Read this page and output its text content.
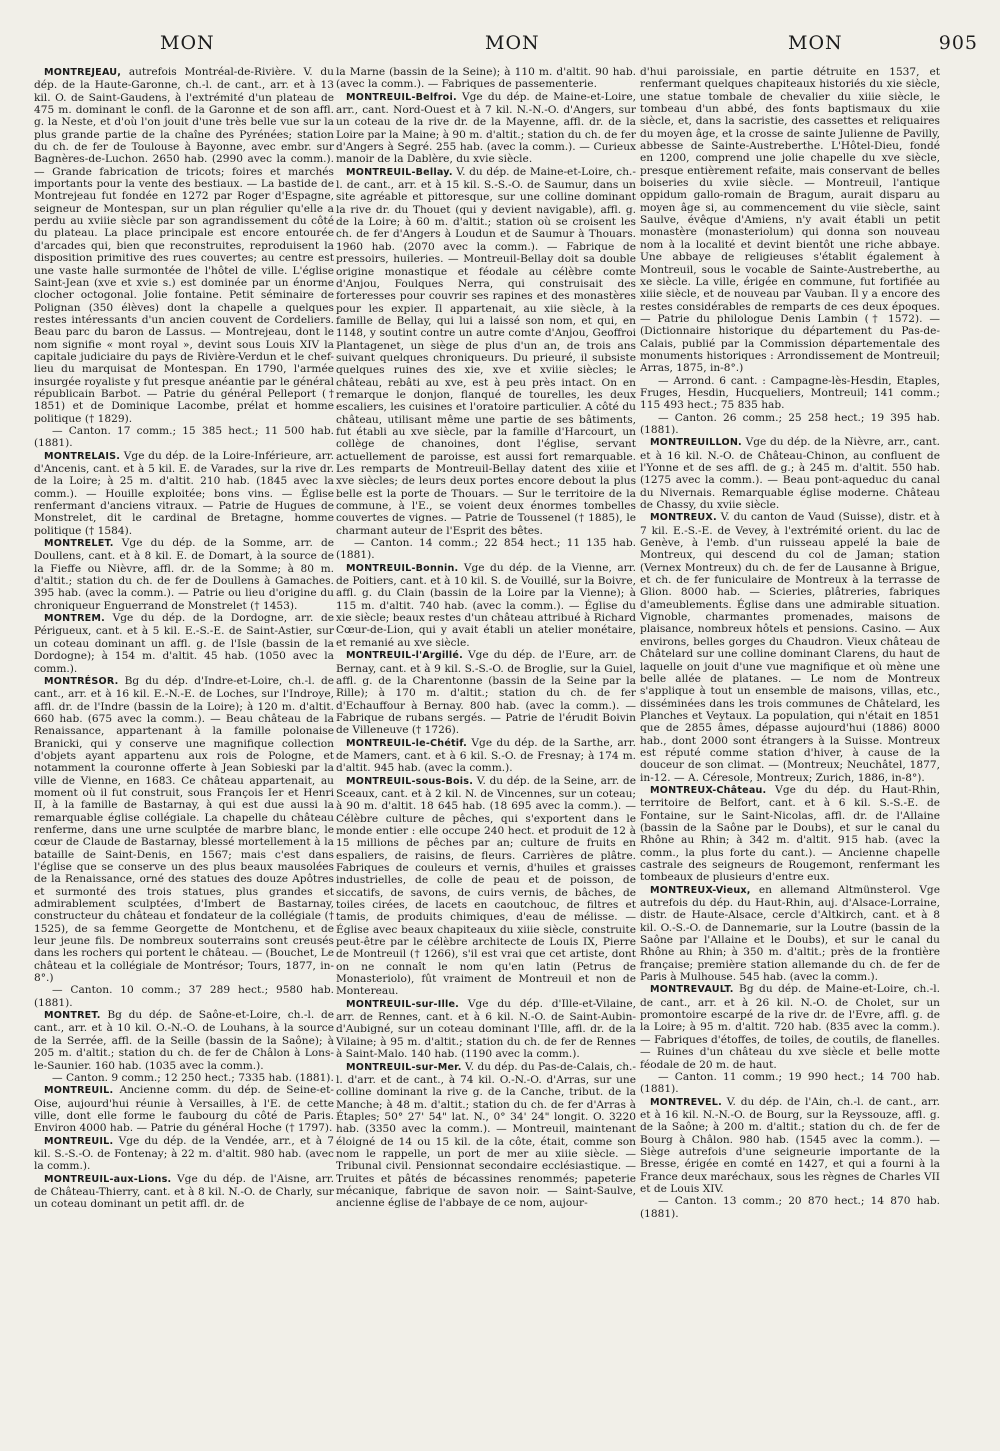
MON	MON	MON	905

MONTREJEAU, autrefois Montréal-de-Rivière. V. du dép. de la Haute-Garonne, ch.-l. de cant., arr. et à 13 kil. O. de Saint-Gaudens, à l'extrémité d'un plateau de 475 m. dominant le confl. de la Garonne et de son affl. g. la Neste, et d'où l'on jouit d'une très belle vue sur la plus grande partie de la chaîne des Pyrénées; station du ch. de fer de Toulouse à Bayonne, avec embr. sur Bagnères-de-Luchon. 2650 hab. (2990 avec la comm.). — Grande fabrication de tricots; foires et marchés importants pour la vente des bestiaux. — La bastide de Montrejeau fut fondée en 1272 par Roger d'Espagne, seigneur de Montespan, sur un plan régulier qu'elle a perdu au xviiie siècle par son agrandissement du côté du plateau. La place principale est encore entourée d'arcades qui, bien que reconstruites, reproduisent la disposition primitive des rues couvertes; au centre est une vaste halle surmontée de l'hôtel de ville. L'église Saint-Jean (xve et xvie s.) est dominée par un énorme clocher octogonal. Jolie fontaine. Petit séminaire de Polignan (350 élèves) dont la chapelle a quelques restes intéressants d'un ancien couvent de Cordeliers. Beau parc du baron de Lassus. — Montrejeau, dont le nom signifie « mont royal », devint sous Louis XIV la capitale judiciaire du pays de Rivière-Verdun et le chef-lieu du marquisat de Montespan. En 1790, l'armée insurgée royaliste y fut presque anéantie par le général républicain Barbot. — Patrie du général Pelleport († 1851) et de Dominique Lacombe, prélat et homme politique († 1829).

— Canton. 17 comm.; 15 385 hect.; 11 500 hab. (1881).

MONTRELAIS. Vge du dép. de la Loire-Inférieure, arr. d'Ancenis, cant. et à 5 kil. E. de Varades, sur la rive dr. de la Loire; à 25 m. d'altit. 210 hab. (1845 avec la comm.). — Houille exploitée; bons vins. — Église renfermant d'anciens vitraux. — Patrie de Hugues de Monstrelet, dit le cardinal de Bretagne, homme politique († 1584).

MONTRELET. Vge du dép. de la Somme, arr. de Doullens, cant. et à 8 kil. E. de Domart, à la source de la Fieffe ou Nièvre, affl. dr. de la Somme; à 80 m. d'altit.; station du ch. de fer de Doullens à Gamaches. 395 hab. (avec la comm.). — Patrie ou lieu d'origine du chroniqueur Enguerrand de Monstrelet († 1453).

MONTREM. Vge du dép. de la Dordogne, arr. de Périgueux, cant. et à 5 kil. E.-S.-E. de Saint-Astier, sur un coteau dominant un affl. g. de l'Isle (bassin de la Dordogne); à 154 m. d'altit. 45 hab. (1050 avec la comm.).

MONTRÉSOR. Bg du dép. d'Indre-et-Loire, ch.-l. de cant., arr. et à 16 kil. E.-N.-E. de Loches, sur l'Indroye, affl. dr. de l'Indre (bassin de la Loire); à 120 m. d'altit. 660 hab. (675 avec la comm.). — Beau château de la Renaissance, appartenant à la famille polonaise Branicki, qui y conserve une magnifique collection d'objets ayant appartenu aux rois de Pologne, et notamment la couronne offerte à Jean Sobieski par la ville de Vienne, en 1683. Ce château appartenait, au moment où il fut construit, sous François Ier et Henri II, à la famille de Bastarnay, à qui est due aussi la remarquable église collégiale. La chapelle du château renferme, dans une urne sculptée de marbre blanc, le cœur de Claude de Bastarnay, blessé mortellement à la bataille de Saint-Denis, en 1567; mais c'est dans l'église que se conserve un des plus beaux mausolées de la Renaissance, orné des statues des douze Apôtres et surmonté des trois statues, plus grandes et admirablement sculptées, d'Imbert de Bastarnay, constructeur du château et fondateur de la collégiale († 1525), de sa femme Georgette de Montchenu, et de leur jeune fils. De nombreux souterrains sont creusés dans les rochers qui portent le château. — (Bouchet, Le château et la collégiale de Montrésor; Tours, 1877, in-8°.)

— Canton. 10 comm.; 37 289 hect.; 9580 hab. (1881).

MONTRET. Bg du dép. de Saône-et-Loire, ch.-l. de cant., arr. et à 10 kil. O.-N.-O. de Louhans, à la source de la Serrée, affl. de la Seille (bassin de la Saône); à 205 m. d'altit.; station du ch. de fer de Châlon à Lons-le-Saunier. 160 hab. (1035 avec la comm.).

— Canton. 9 comm.; 12 250 hect.; 7335 hab. (1881).

MONTREUIL. Ancienne comm. du dép. de Seine-et-Oise, aujourd'hui réunie à Versailles, à l'E. de cette ville, dont elle forme le faubourg du côté de Paris. Environ 4000 hab. — Patrie du général Hoche († 1797).

MONTREUIL. Vge du dép. de la Vendée, arr., et à 7 kil. S.-S.-O. de Fontenay; à 22 m. d'altit. 980 hab. (avec la comm.).

MONTREUIL-aux-Lions. Vge du dép. de l'Aisne, arr. de Château-Thierry, cant. et à 8 kil. N.-O. de Charly, sur un coteau dominant un petit affl. dr. de

la Marne (bassin de la Seine); à 110 m. d'altit. 90 hab. (avec la comm.). — Fabriques de passementerie.

MONTREUIL-Belfroi. Vge du dép. de Maine-et-Loire, arr., cant. Nord-Ouest et à 7 kil. N.-N.-O. d'Angers, sur un coteau de la rive dr. de la Mayenne, affl. dr. de la Loire par la Maine; à 90 m. d'altit.; station du ch. de fer d'Angers à Segré. 255 hab. (avec la comm.). — Curieux manoir de la Dablère, du xvie siècle.

MONTREUIL-Bellay. V. du dép. de Maine-et-Loire, ch.-l. de cant., arr. et à 15 kil. S.-S.-O. de Saumur, dans un site agréable et pittoresque, sur une colline dominant la rive dr. du Thouet (qui y devient navigable), affl. g. de la Loire; à 60 m. d'altit.; station où se croisent les ch. de fer d'Angers à Loudun et de Saumur à Thouars. 1960 hab. (2070 avec la comm.). — Fabrique de pressoirs, huileries. — Montreuil-Bellay doit sa double origine monastique et féodale au célèbre comte d'Anjou, Foulques Nerra, qui construisait des forteresses pour couvrir ses rapines et des monastères pour les expier. Il appartenait, au xiie siècle, à la famille de Bellay, qui lui a laissé son nom, et qui, en 1148, y soutint contre un autre comte d'Anjou, Geoffroi Plantagenet, un siège de plus d'un an, de trois ans suivant quelques chroniqueurs. Du prieuré, il subsiste quelques ruines des xie, xve et xviiie siècles; le château, rebâti au xve, est à peu près intact. On en remarque le donjon, flanqué de tourelles, les deux escaliers, les cuisines et l'oratoire particulier. A côté du château, utilisant même une partie de ses bâtiments, fut établi au xve siècle, par la famille d'Harcourt, un collège de chanoines, dont l'église, servant actuellement de paroisse, est aussi fort remarquable. Les remparts de Montreuil-Bellay datent des xiiie et xve siècles; de leurs deux portes encore debout la plus belle est la porte de Thouars. — Sur le territoire de la commune, à l'E., se voient deux énormes tombelles couvertes de vignes. — Patrie de Toussenel († 1885), le charmant auteur de l'Esprit des bêtes.

— Canton. 14 comm.; 22 854 hect.; 11 135 hab. (1881).

MONTREUIL-Bonnin. Vge du dép. de la Vienne, arr. de Poitiers, cant. et à 10 kil. S. de Vouillé, sur la Boivre, affl. g. du Clain (bassin de la Loire par la Vienne); à 115 m. d'altit. 740 hab. (avec la comm.). — Église du xie siècle; beaux restes d'un château attribué à Richard Cœur-de-Lion, qui y avait établi un atelier monétaire, et remanié au xve siècle.

MONTREUIL-l'Argillé. Vge du dép. de l'Eure, arr. de Bernay, cant. et à 9 kil. S.-S.-O. de Broglie, sur la Guiel, affl. g. de la Charentonne (bassin de la Seine par la Rille); à 170 m. d'altit.; station du ch. de fer d'Echauffour à Bernay. 800 hab. (avec la comm.). — Fabrique de rubans sergés. — Patrie de l'érudit Boivin de Villeneuve († 1726).

MONTREUIL-le-Chétif. Vge du dép. de la Sarthe, arr. de Mamers, cant. et à 6 kil. S.-O. de Fresnay; à 174 m. d'altit. 945 hab. (avec la comm.).

MONTREUIL-sous-Bois. V. du dép. de la Seine, arr. de Sceaux, cant. et à 2 kil. N. de Vincennes, sur un coteau; à 90 m. d'altit. 18 645 hab. (18 695 avec la comm.). — Célèbre culture de pêches, qui s'exportent dans le monde entier : elle occupe 240 hect. et produit de 12 à 15 millions de pêches par an; culture de fruits en espaliers, de raisins, de fleurs. Carrières de plâtre. Fabriques de couleurs et vernis, d'huiles et graisses industrielles, de colle de peau et de poisson, de siccatifs, de savons, de cuirs vernis, de bâches, de toiles cirées, de lacets en caoutchouc, de filtres et tamis, de produits chimiques, d'eau de mélisse. — Église avec beaux chapiteaux du xiiie siècle, construite peut-être par le célèbre architecte de Louis IX, Pierre de Montreuil († 1266), s'il est vrai que cet artiste, dont on ne connaît le nom qu'en latin (Petrus de Monasteriolo), fût vraiment de Montreuil et non de Montereau.

MONTREUIL-sur-Ille. Vge du dép. d'Ille-et-Vilaine, arr. de Rennes, cant. et à 6 kil. N.-O. de Saint-Aubin-d'Aubigné, sur un coteau dominant l'Ille, affl. dr. de la Vilaine; à 95 m. d'altit.; station du ch. de fer de Rennes à Saint-Malo. 140 hab. (1190 avec la comm.).

MONTREUIL-sur-Mer. V. du dép. du Pas-de-Calais, ch.-l. d'arr. et de cant., à 74 kil. O.-N.-O. d'Arras, sur une colline dominant la rive g. de la Canche, tribut. de la Manche; à 48 m. d'altit.; station du ch. de fer d'Arras à Étaples; 50° 27' 54" lat. N., 0° 34' 24" longit. O. 3220 hab. (3350 avec la comm.). — Montreuil, maintenant éloigné de 14 ou 15 kil. de la côte, était, comme son nom le rappelle, un port de mer au xiiie siècle. — Tribunal civil. Pensionnat secondaire ecclésiastique. — Truites et pâtés de bécassines renommés; papeterie mécanique, fabrique de savon noir. — Saint-Saulve, ancienne église de l'abbaye de ce nom, aujour-

d'hui paroissiale, en partie détruite en 1537, et renfermant quelques chapiteaux historiés du xie siècle, une statue tombale de chevalier du xiiie siècle, le tombeau d'un abbé, des fonts baptismaux du xiie siècle, et, dans la sacristie, des cassettes et reliquaires du moyen âge, et la crosse de sainte Julienne de Pavilly, abbesse de Sainte-Austreberthe. L'Hôtel-Dieu, fondé en 1200, comprend une jolie chapelle du xve siècle, presque entièrement refaite, mais conservant de belles boiseries du xviie siècle. — Montreuil, l'antique oppidum gallo-romain de Bragum, aurait disparu au moyen âge si, au commencement du viie siècle, saint Saulve, évêque d'Amiens, n'y avait établi un petit monastère (monasteriolum) qui donna son nouveau nom à la localité et devint bientôt une riche abbaye. Une abbaye de religieuses s'établit également à Montreuil, sous le vocable de Sainte-Austreberthe, au xe siècle. La ville, érigée en commune, fut fortifiée au xiiie siècle, et de nouveau par Vauban. Il y a encore des restes considérables de remparts de ces deux époques. — Patrie du philologue Denis Lambin († 1572). — (Dictionnaire historique du département du Pas-de-Calais, publié par la Commission départementale des monuments historiques : Arrondissement de Montreuil; Arras, 1875, in-8°.)

— Arrond. 6 cant. : Campagne-lès-Hesdin, Etaples, Fruges, Hesdin, Hucqueliers, Montreuil; 141 comm.; 115 493 hect.; 75 835 hab.

— Canton. 26 comm.; 25 258 hect.; 19 395 hab. (1881).

MONTREUILLON. Vge du dép. de la Nièvre, arr., cant. et à 16 kil. N.-O. de Château-Chinon, au confluent de l'Yonne et de ses affl. de g.; à 245 m. d'altit. 550 hab. (1275 avec la comm.). — Beau pont-aqueduc du canal du Nivernais. Remarquable église moderne. Château de Chassy, du xviie siècle.

MONTREUX. V. du canton de Vaud (Suisse), distr. et à 7 kil. E.-S.-E. de Vevey, à l'extrémité orient. du lac de Genève, à l'emb. d'un ruisseau appelé la baie de Montreux, qui descend du col de Jaman; station (Vernex Montreux) du ch. de fer de Lausanne à Brigue, et ch. de fer funiculaire de Montreux à la terrasse de Glion. 8000 hab. — Scieries, plâtreries, fabriques d'ameublements. Église dans une admirable situation. Vignoble, charmantes promenades, maisons de plaisance, nombreux hôtels et pensions. Casino. — Aux environs, belles gorges du Chaudron. Vieux château de Châtelard sur une colline dominant Clarens, du haut de laquelle on jouit d'une vue magnifique et où mène une belle allée de platanes. — Le nom de Montreux s'applique à tout un ensemble de maisons, villas, etc., disséminées dans les trois communes de Châtelard, les Planches et Veytaux. La population, qui n'était en 1851 que de 2855 âmes, dépasse aujourd'hui (1886) 8000 hab., dont 2000 sont étrangers à la Suisse. Montreux est réputé comme station d'hiver, à cause de la douceur de son climat. — (Montreux; Neuchâtel, 1877, in-12. — A. Céresole, Montreux; Zurich, 1886, in-8°).

MONTREUX-Château. Vge du dép. du Haut-Rhin, territoire de Belfort, cant. et à 6 kil. S.-S.-E. de Fontaine, sur le Saint-Nicolas, affl. dr. de l'Allaine (bassin de la Saône par le Doubs), et sur le canal du Rhône au Rhin; à 342 m. d'altit. 915 hab. (avec la comm., la plus forte du cant.). — Ancienne chapelle castrale des seigneurs de Rougemont, renfermant les tombeaux de plusieurs d'entre eux.

MONTREUX-Vieux, en allemand Altmünsterol. Vge autrefois du dép. du Haut-Rhin, auj. d'Alsace-Lorraine, distr. de Haute-Alsace, cercle d'Altkirch, cant. et à 8 kil. O.-S.-O. de Dannemarie, sur la Loutre (bassin de la Saône par l'Allaine et le Doubs), et sur le canal du Rhône au Rhin; à 350 m. d'altit.; près de la frontière française; première station allemande du ch. de fer de Paris à Mulhouse. 545 hab. (avec la comm.).

MONTREVAULT. Bg du dép. de Maine-et-Loire, ch.-l. de cant., arr. et à 26 kil. N.-O. de Cholet, sur un promontoire escarpé de la rive dr. de l'Evre, affl. g. de la Loire; à 95 m. d'altit. 720 hab. (835 avec la comm.). — Fabriques d'étoffes, de toiles, de coutils, de flanelles. — Ruines d'un château du xve siècle et belle motte féodale de 20 m. de haut.

— Canton. 11 comm.; 19 990 hect.; 14 700 hab. (1881).

MONTREVEL. V. du dép. de l'Ain, ch.-l. de cant., arr. et à 16 kil. N.-N.-O. de Bourg, sur la Reyssouze, affl. g. de la Saône; à 200 m. d'altit.; station du ch. de fer de Bourg à Châlon. 980 hab. (1545 avec la comm.). — Siège autrefois d'une seigneurie importante de la Bresse, érigée en comté en 1427, et qui a fourni à la France deux maréchaux, sous les règnes de Charles VII et de Louis XIV.

— Canton. 13 comm.; 20 870 hect.; 14 870 hab. (1881).
